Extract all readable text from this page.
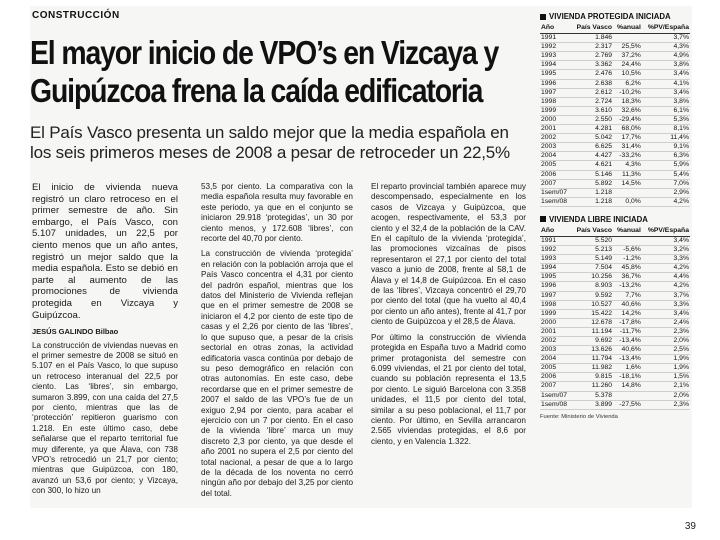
CONSTRUCCIÓN
El mayor inicio de VPO’s en Vizcaya y
Guipúzcoa frena la caída edificatoria
El País Vasco presenta un saldo mejor que la media española en los seis primeros meses de 2008 a pesar de retroceder un 22,5%

El inicio de vivienda nueva registró un claro retroceso en el primer semestre de año. Sin embargo, el País Vasco, con 5.107 unidades, un 22,5 por ciento menos que un año antes, registró un mejor saldo que la media española. Esto se debió en parte al aumento de las promociones de vivienda protegida en Vizcaya y Guipúzcoa.

JESÚS GALINDO Bilbao

La construcción de viviendas nuevas en el primer semestre de 2008 se situó en 5.107 en el País Vasco, lo que supuso un retroceso interanual del 22,5 por ciento. Las ‘libres’, sin embargo, sumaron 3.899, con una caída del 27,5 por ciento, mientras que las de ‘protección’ repitieron guarismo con 1.218. En este último caso, debe señalarse que el reparto territorial fue muy diferente, ya que Álava, con 738 VPO’s retrocedió un 21,7 por ciento; mientras que Guipúzcoa, con 180, avanzó un 53,6 por ciento; y Vizcaya, con 300, lo hizo un

53,5 por ciento. La comparativa con la media española resulta muy favorable en este periodo, ya que en el conjunto se iniciaron 29.918 ‘protegidas’, un 30 por ciento menos, y 172.608 ‘libres’, con recorte del 40,70 por ciento.

La construcción de vivienda ‘protegida’ en relación con la población arroja que el País Vasco concentra el 4,31 por ciento del padrón español, mientras que los datos del Ministerio de Vivienda reflejan que en el primer semestre de 2008 se iniciaron el 4,2 por ciento de este tipo de casas y el 2,26 por ciento de las ‘libres’, lo que supuso que, a pesar de la crisis sectorial en otras zonas, la actividad edificatoria vasca continúa por debajo de su peso demográfico en relación con otras autonomías. En este caso, debe recordarse que en el primer semestre de 2007 el saldo de las VPO’s fue de un exiguo 2,94 por ciento, para acabar el ejercicio con un 7 por ciento. En el caso de la vivienda ‘libre’ marca un muy discreto 2,3 por ciento, ya que desde el año 2001 no supera el 2,5 por ciento del total nacional, a pesar de que a lo largo de la década de los noventa no cerró ningún año por debajo del 3,25 por ciento del total.

El reparto provincial también aparece muy descompensado, especialmente en los casos de Vizcaya y Guipúzcoa, que acogen, respectivamente, el 53,3 por ciento y el 32,4 de la población de la CAV. En el capítulo de la vivienda ‘protegida’, las promociones vizcaínas de pisos representaron el 27,1 por ciento del total vasco a junio de 2008, frente al 58,1 de Álava y el 14,8 de Guipúzcoa. En el caso de las ‘libres’, Vizcaya concentró el 29,70 por ciento del total (que ha vuelto al 40,4 por ciento un año antes), frente al 41,7 por ciento de Guipúzcoa y el 28,5 de Álava.

Por último la construcción de vivienda protegida en España tuvo a Madrid como primer protagonista del semestre con 6.099 viviendas, el 21 por ciento del total, cuando su población representa el 13,5 por ciento. Le siguió Barcelona con 3.358 unidades, el 11,5 por ciento del total, similar a su peso poblacional, el 11,7 por ciento. Por último, en Sevilla arrancaron 2.565 viviendas protegidas, el 8,6 por ciento, y en Valencia 1.322.

VIVIENDA PROTEGIDA INICIADA
Año	País Vasco	%anual	%PV/España
1991	1.846		3,7%
1992	2.317	25,5%	4,3%
1993	2.769	37,2%	4,9%
1994	3.362	24,4%	3,8%
1995	2.476	10,5%	3,4%
1996	2.638	6,2%	4,1%
1997	2.612	-10,2%	3,4%
1998	2.724	18,3%	3,8%
1999	3.610	32,6%	6,1%
2000	2.550	-29,4%	5,3%
2001	4.281	68,0%	8,1%
2002	5.042	17,7%	11,4%
2003	6.625	31,4%	9,1%
2004	4.427	-33,2%	6,3%
2005	4.621	4,3%	5,9%
2006	5.146	11,3%	5,4%
2007	5.892	14,5%	7,0%
1sem/07	1.218		2,9%
1sem/08	1.218	0,0%	4,2%
VIVIENDA LIBRE INICIADA
Año	País Vasco	%anual	%PV/España
1991	5.520		3,4%
1992	5.213	-5,6%	3,2%
1993	5.149	-1,2%	3,3%
1994	7.504	45,8%	4,2%
1995	10.256	36,7%	4,4%
1996	8.903	-13,2%	4,2%
1997	9.592	7,7%	3,7%
1998	10.527	40,6%	3,3%
1999	15.422	14,2%	3,4%
2000	12.678	-17,8%	2,4%
2001	11.194	-11,7%	2,3%
2002	9.692	-13,4%	2,0%
2003	13.626	40,6%	2,5%
2004	11.794	-13,4%	1,9%
2005	11.982	1,6%	1,9%
2006	9.815	-18,1%	1,5%
2007	11.260	14,8%	2,1%
1sem/07	5.378		2,0%
1sem/08	3.899	-27,5%	2,3%
Fuente: Ministerio de Vivienda
39
